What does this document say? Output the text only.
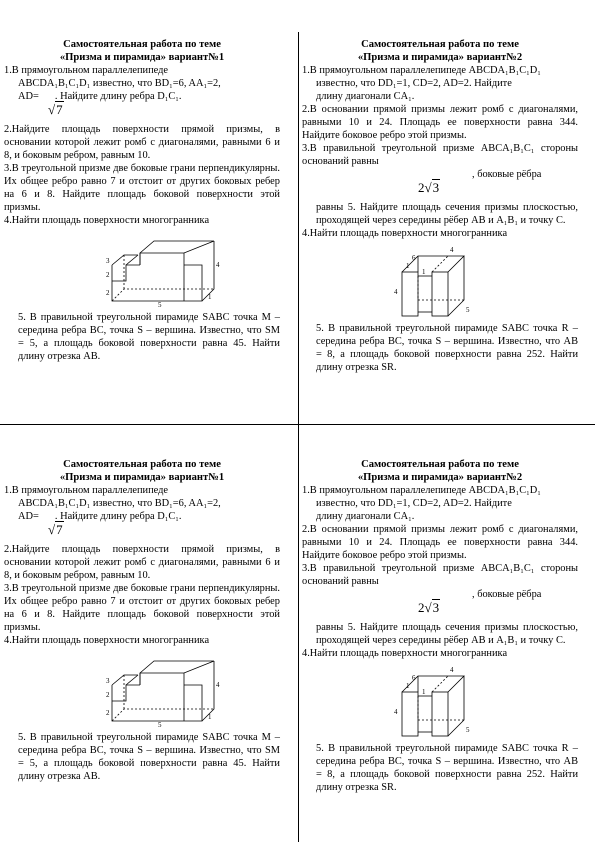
Самостоятельная работа по теме
«Призма и пирамида» вариант№1
1.В прямоугольном параллелепипеде
ABCDA₁B₁C₁D₁ известно, что BD₁=6, AA₁=2,
AD= . Найдите длину ребра D₁C₁.
√7
2.Найдите площадь поверхности прямой призмы, в основании которой лежит ромб с диагоналями, равными 6 и 8, и боковым ребром, равным 10.
3.В треугольной призме две боковые грани перпендикулярны. Их общее ребро равно 7 и отстоит от других боковых ребер на 6 и 8. Найдите площадь боковой поверхности этой призмы.
4.Найти площадь поверхности многогранника
3
2
2
4
5
1
5. В правильной треугольной пирамиде SABC точка M – середина ребра BC, точка S – вершина. Известно, что SM = 5, а площадь боковой поверхности равна 45. Найти длину отрезка AB.
Самостоятельная работа по теме
«Призма и пирамида» вариант№2
1.В прямоугольном параллелепипеде ABCDA₁B₁C₁D₁
известно, что DD₁=1, CD=2, AD=2. Найдите
длину диагонали CA₁.
2.В основании прямой призмы лежит ромб с диагоналями, равными 10 и 24. Площадь ее поверхности равна 344. Найдите боковое ребро этой призмы.
3.В правильной треугольной призме ABCA₁B₁C₁ стороны оснований равны
, боковые рёбра
2√3
равны 5. Найдите площадь сечения призмы плоскостью, проходящей через середины рёбер AB и A₁B₁ и точку C.
4.Найти площадь поверхности многогранника
4
6
4
1
1
5
5. В правильной треугольной пирамиде SABC точка R – середина ребра BC, точка S – вершина. Известно, что AB = 8, а площадь боковой поверхности равна 252. Найти длину отрезка SR.
Самостоятельная работа по теме
«Призма и пирамида» вариант№1
1.В прямоугольном параллелепипеде
ABCDA₁B₁C₁D₁ известно, что BD₁=6, AA₁=2,
AD= . Найдите длину ребра D₁C₁.
√7
2.Найдите площадь поверхности прямой призмы, в основании которой лежит ромб с диагоналями, равными 6 и 8, и боковым ребром, равным 10.
3.В треугольной призме две боковые грани перпендикулярны. Их общее ребро равно 7 и отстоит от других боковых ребер на 6 и 8. Найдите площадь боковой поверхности этой призмы.
4.Найти площадь поверхности многогранника
3
2
2
4
5
1
5. В правильной треугольной пирамиде SABC точка M – середина ребра BC, точка S – вершина. Известно, что SM = 5, а площадь боковой поверхности равна 45. Найти длину отрезка AB.
Самостоятельная работа по теме
«Призма и пирамида» вариант№2
1.В прямоугольном параллелепипеде ABCDA₁B₁C₁D₁
известно, что DD₁=1, CD=2, AD=2. Найдите
длину диагонали CA₁.
2.В основании прямой призмы лежит ромб с диагоналями, равными 10 и 24. Площадь ее поверхности равна 344. Найдите боковое ребро этой призмы.
3.В правильной треугольной призме ABCA₁B₁C₁ стороны оснований равны
, боковые рёбра
2√3
равны 5. Найдите площадь сечения призмы плоскостью, проходящей через середины рёбер AB и A₁B₁ и точку C.
4.Найти площадь поверхности многогранника
4
6
4
1
1
5
5. В правильной треугольной пирамиде SABC точка R – середина ребра BC, точка S – вершина. Известно, что AB = 8, а площадь боковой поверхности равна 252. Найти длину отрезка SR.
